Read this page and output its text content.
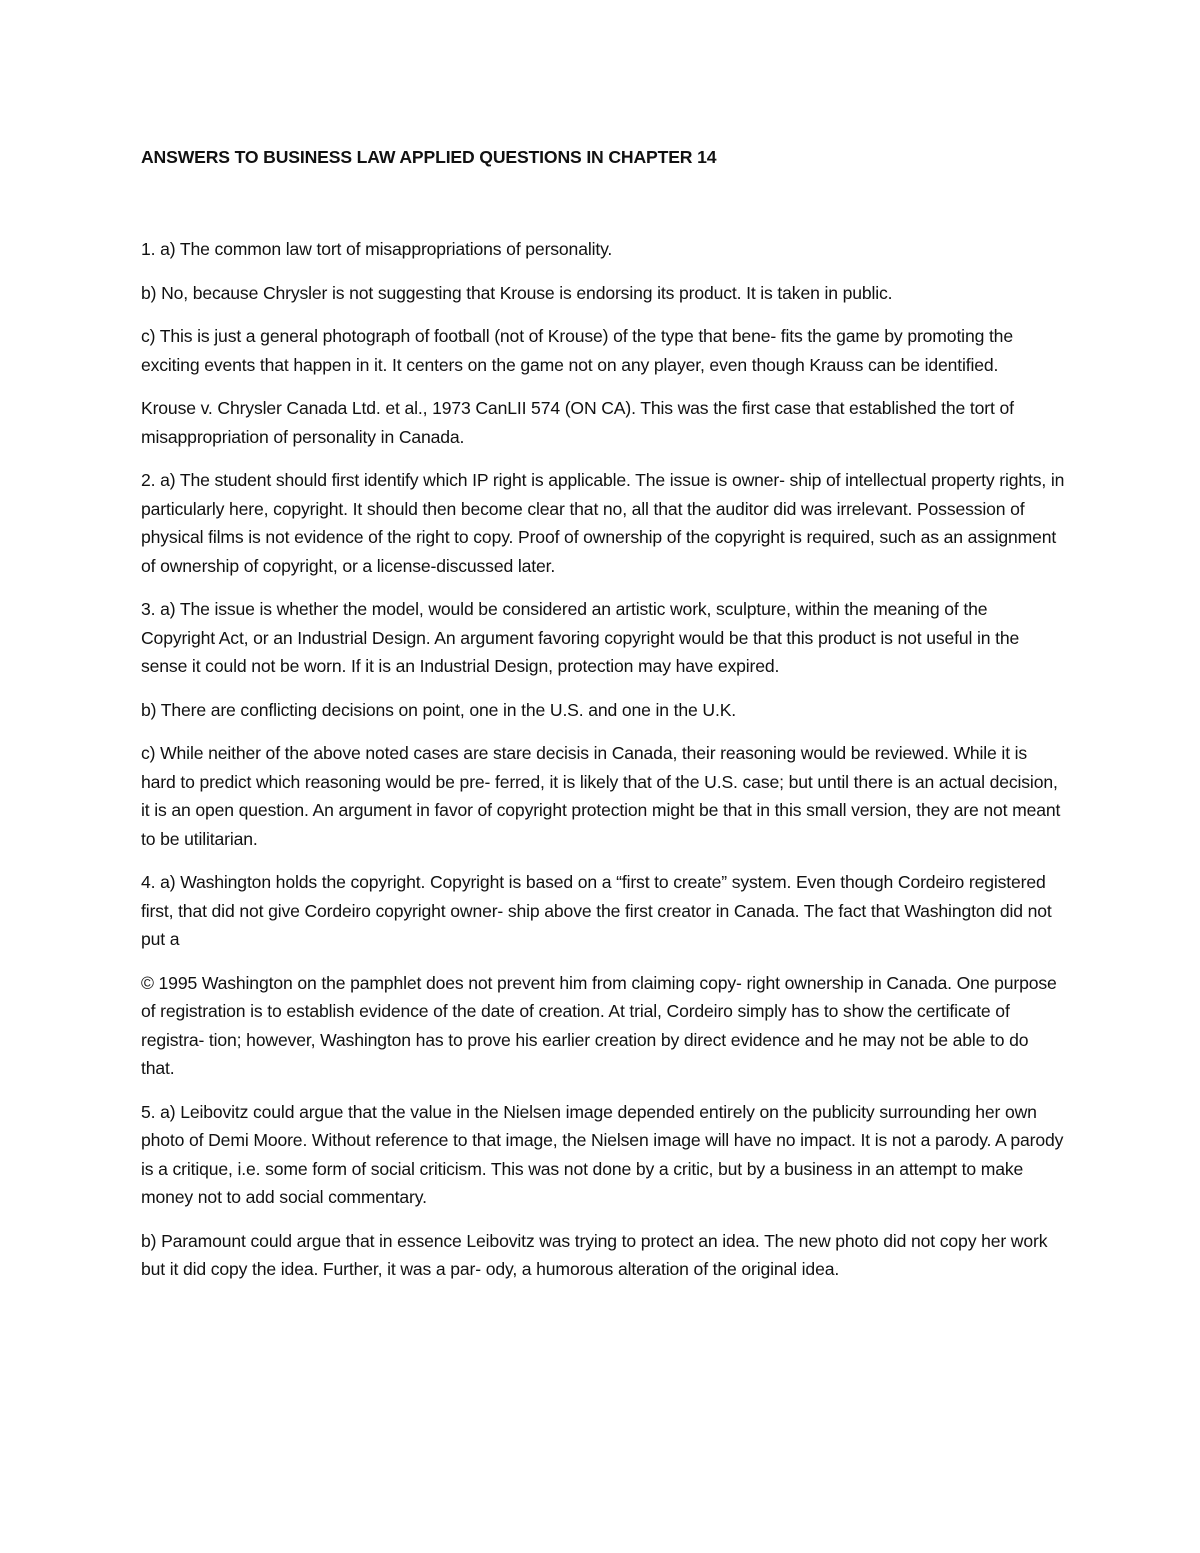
ANSWERS TO BUSINESS LAW APPLIED QUESTIONS IN CHAPTER 14

1. a) The common law tort of misappropriations of personality.

b) No, because Chrysler is not suggesting that Krouse is endorsing its product. It is taken in public.

c) This is just a general photograph of football (not of Krouse) of the type that bene- fits the game by promoting the exciting events that happen in it. It centers on the game not on any player, even though Krauss can be identified.

Krouse v. Chrysler Canada Ltd. et al., 1973 CanLII 574 (ON CA). This was the first case that established the tort of misappropriation of personality in Canada.

2. a) The student should first identify which IP right is applicable. The issue is owner- ship of intellectual property rights, in particularly here, copyright. It should then become clear that no, all that the auditor did was irrelevant. Possession of physical films is not evidence of the right to copy. Proof of ownership of the copyright is required, such as an assignment of ownership of copyright, or a license-discussed later.

3. a) The issue is whether the model, would be considered an artistic work, sculpture, within the meaning of the Copyright Act, or an Industrial Design. An argument favoring copyright would be that this product is not useful in the sense it could not be worn. If it is an Industrial Design, protection may have expired.

b) There are conflicting decisions on point, one in the U.S. and one in the U.K.

c) While neither of the above noted cases are stare decisis in Canada, their reasoning would be reviewed. While it is hard to predict which reasoning would be pre- ferred, it is likely that of the U.S. case; but until there is an actual decision, it is an open question. An argument in favor of copyright protection might be that in this small version, they are not meant to be utilitarian.

4. a) Washington holds the copyright. Copyright is based on a “first to create” system. Even though Cordeiro registered first, that did not give Cordeiro copyright owner- ship above the first creator in Canada. The fact that Washington did not put a

© 1995 Washington on the pamphlet does not prevent him from claiming copy- right ownership in Canada. One purpose of registration is to establish evidence of the date of creation. At trial, Cordeiro simply has to show the certificate of registra- tion; however, Washington has to prove his earlier creation by direct evidence and he may not be able to do that.

5. a) Leibovitz could argue that the value in the Nielsen image depended entirely on the publicity surrounding her own photo of Demi Moore. Without reference to that image, the Nielsen image will have no impact. It is not a parody. A parody is a critique, i.e. some form of social criticism. This was not done by a critic, but by a business in an attempt to make money not to add social commentary.

b) Paramount could argue that in essence Leibovitz was trying to protect an idea. The new photo did not copy her work but it did copy the idea. Further, it was a par- ody, a humorous alteration of the original idea.
